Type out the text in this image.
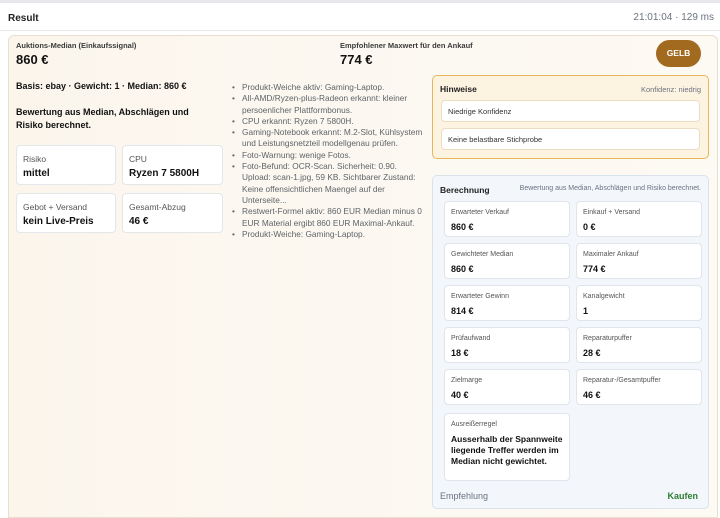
Result	21:01:04 · 129 ms
Auktions-Median (Einkaufssignal)
860 €
Empfohlener Maxwert für den Ankauf
774 €	GELB
Basis: ebay · Gewicht: 1 · Median: 860 €
Bewertung aus Median, Abschlägen und Risiko berechnet.
Risiko
mittel
CPU
Ryzen 7 5800H
Gebot + Versand
kein Live-Preis
Gesamt-Abzug
46 €
• Produkt-Weiche aktiv: Gaming-Laptop.
• All-AMD/Ryzen-plus-Radeon erkannt: kleiner persoenlicher Plattformbonus.
• CPU erkannt: Ryzen 7 5800H.
• Gaming-Notebook erkannt: M.2-Slot, Kühlsystem und Leistungsnetzteil modellgenau prüfen.
• Foto-Warnung: wenige Fotos.
• Foto-Befund: OCR-Scan. Sicherheit: 0.90. Upload: scan-1.jpg, 59 KB. Sichtbarer Zustand: Keine offensichtlichen Maengel auf der Unterseite...
• Restwert-Formel aktiv: 860 EUR Median minus 0 EUR Material ergibt 860 EUR Maximal-Ankauf.
• Produkt-Weiche: Gaming-Laptop.
Hinweise	Konfidenz: niedrig
Niedrige Konfidenz
Keine belastbare Stichprobe
Berechnung	Bewertung aus Median, Abschlägen und Risiko berechnet.
Erwarteter Verkauf
860 €
Einkauf + Versand
0 €
Gewichteter Median
860 €
Maximaler Ankauf
774 €
Erwarteter Gewinn
814 €
Kanalgewicht
1
Prüfaufwand
18 €
Reparaturpuffer
28 €
Zielmarge
40 €
Reparatur-/Gesamtpuffer
46 €
Ausreißerregel
Ausserhalb der Spannweite liegende Treffer werden im Median nicht gewichtet.
Empfehlung	Kaufen
